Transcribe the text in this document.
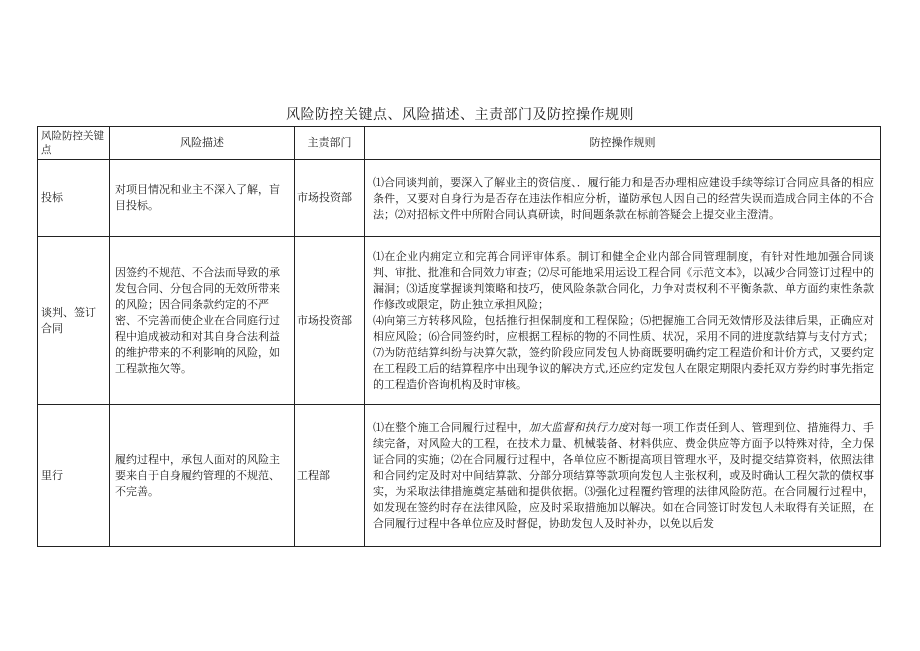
风险防控关键点、风险描述、主责部门及防控操作规则
风险防控关键点	风险描述	主责部门	防控操作规则
投标	对项目情况和业主不深入了解，盲目投标。	市场投资部	⑴合同谈判前，要深入了解业主的资信度、．履行能力和是否办理相应建设手续等综订合同应具备的相应条件，又要对自身行为是否存在违法作相应分析，谨防承包人因自己的经营失误而造成合同主体的不合法；⑵对招标文件中所附合同认真研读，时间题条款在标前答疑会上提交业主澄清。
谈判、签订合同	因签约不规范、不合法而导致的承发包合同、分包合同的无效所带来的风险；因合同条款约定的不严密、不完善而使企业在合同庭行过程中追成被动和对其自身合法利益的维护带来的不利影响的风险，如工程款拖欠等。	市场投资部	⑴在企业内痈定立和完苒合同评审体系。制订和健全企业内部合同管理制度，有针对性地加强合同谈判、审批、批准和合同效力审查；⑵尽可能地采用运设工程合同《示范文本》，以减少合同签订过程中的漏洞；⑶适度掌握谈判策略和技巧，使风险条款合同化，力争对责权利不平衡条款、单方面约束性条款作修改或限定，防止独立承担风险；
⑷向第三方转移风险，包括推行担保制度和工程保险；⑸把握施工合同无效情形及法律后果，正确应对相应风险；⑹合同签约时，应根据工程标的物的不同性质、状况，采用不同的进度款结算与支付方式；⑺为防范结算纠纷与决算欠款，签约阶段应同发包人协商既要明确约定工程造价和计价方式，又要约定在工程段工后的结算程序中出现争议的解决方式,还应约定发包人在限定期限内委托双方券约时事先指定的工程造价咨询机构及时审核。

里行	履约过程中，承包人面对的风险主要来自于自身履约管理的不规范、不完善。	工程部	⑴在整个施工合同履行过程中，加大监督和执行力度对每一项工作责任到人、管理到位、措施得力、手续完备，对风险大的工程，在技术力量、机械装备、材料供应、费金供应等方面予以特殊对待，全力保证合同的实施；⑵在合同履行过程中，各单位应不断提高项目管理水平，及时提交结算资料，依照法律和合同约定及时对中间结算款、分部分项结算等款项向发包人主张权利，或及时确认工程欠款的债权事实，为采取法律措施奠定基础和提供依据。⑶强化过程覆约管理的法律风险防范。在合同履行过程中，如发现在签约时存在法律风险，应及时采取措施加以解决。如在合同签订时发包人未取得有关证照，在合同履行过程中各单位应及时督促，协助发包人及时补办，以免以后发
